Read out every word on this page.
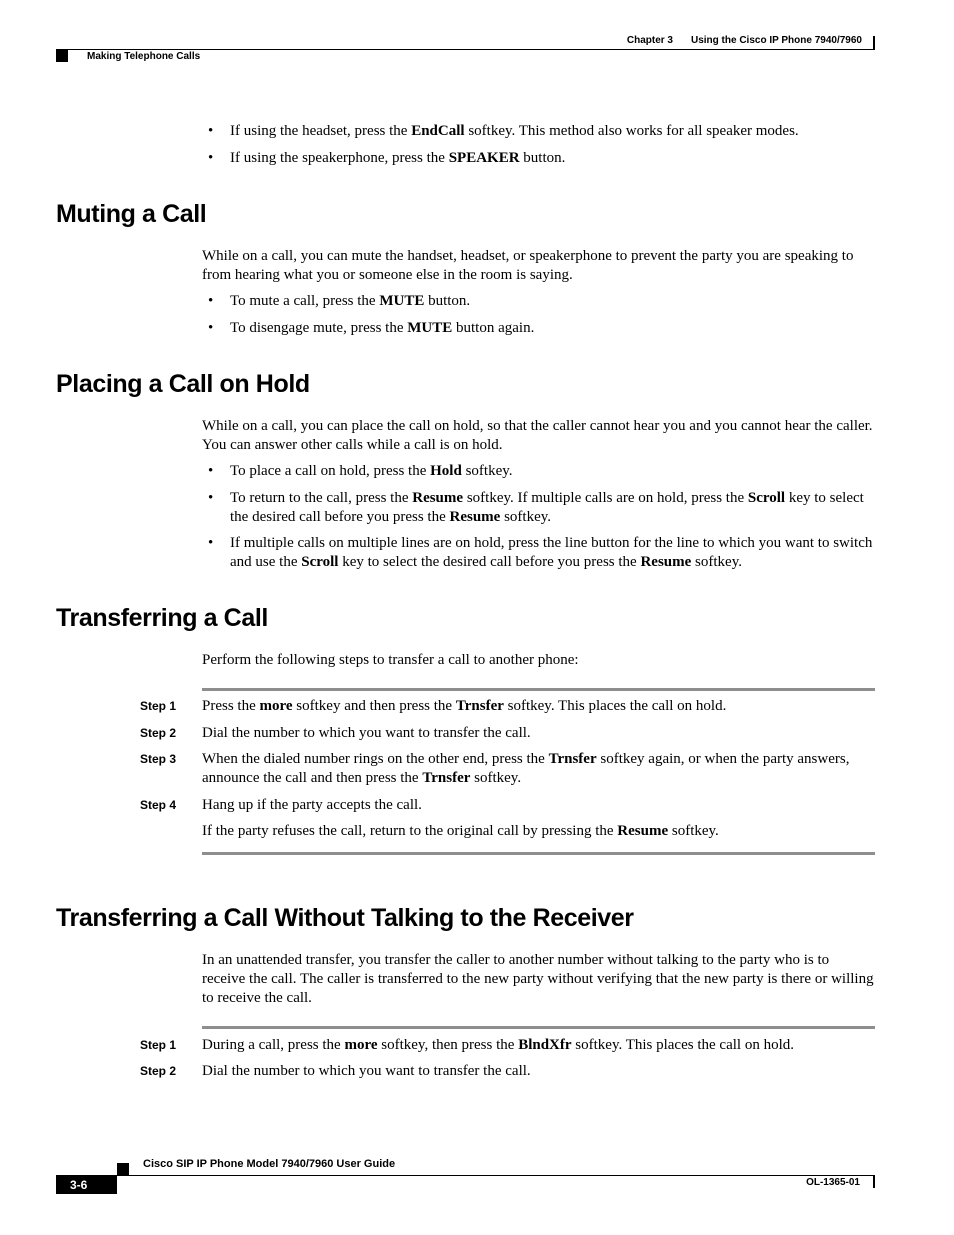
Chapter 3 Using the Cisco IP Phone 7940/7960
Making Telephone Calls
• If using the headset, press the EndCall softkey. This method also works for all speaker modes.
• If using the speakerphone, press the SPEAKER button.
Muting a Call
While on a call, you can mute the handset, headset, or speakerphone to prevent the party you are speaking to from hearing what you or someone else in the room is saying.
• To mute a call, press the MUTE button.
• To disengage mute, press the MUTE button again.
Placing a Call on Hold
While on a call, you can place the call on hold, so that the caller cannot hear you and you cannot hear the caller. You can answer other calls while a call is on hold.
• To place a call on hold, press the Hold softkey.
• To return to the call, press the Resume softkey. If multiple calls are on hold, press the Scroll key to select the desired call before you press the Resume softkey.
• If multiple calls on multiple lines are on hold, press the line button for the line to which you want to switch and use the Scroll key to select the desired call before you press the Resume softkey.
Transferring a Call
Perform the following steps to transfer a call to another phone:
Step 1 Press the more softkey and then press the Trnsfer softkey. This places the call on hold.
Step 2 Dial the number to which you want to transfer the call.
Step 3 When the dialed number rings on the other end, press the Trnsfer softkey again, or when the party answers, announce the call and then press the Trnsfer softkey.
Step 4 Hang up if the party accepts the call.
If the party refuses the call, return to the original call by pressing the Resume softkey.
Transferring a Call Without Talking to the Receiver
In an unattended transfer, you transfer the caller to another number without talking to the party who is to receive the call. The caller is transferred to the new party without verifying that the new party is there or willing to receive the call.
Step 1 During a call, press the more softkey, then press the BlndXfr softkey. This places the call on hold.
Step 2 Dial the number to which you want to transfer the call.
Cisco SIP IP Phone Model 7940/7960 User Guide
3-6	OL-1365-01
